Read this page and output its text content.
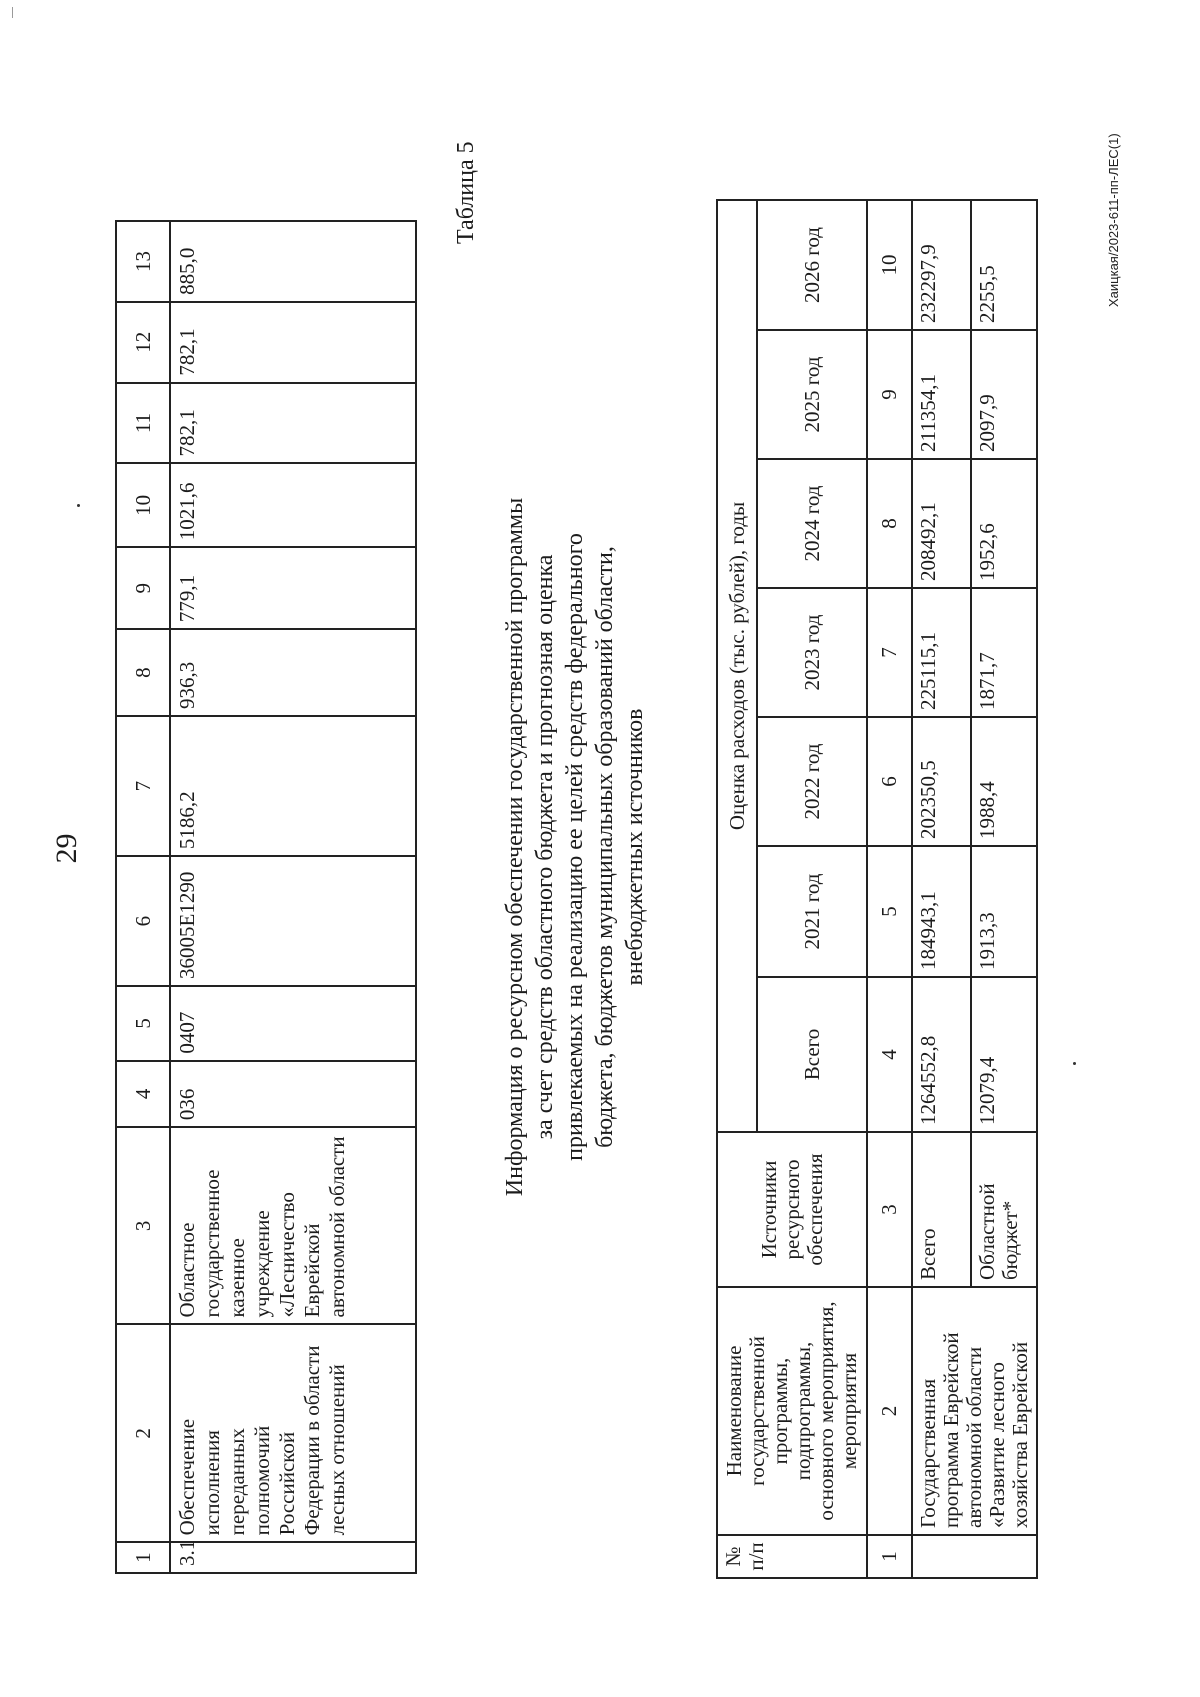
29
1	2	3	4	5	6	7	8	9	10	11	12	13
3.1	Обеспечение исполнения переданных полномочий Российской Федерации в области лесных отношений	Областное государственное казенное учреждение «Лесничество Еврейской автономной области	036	0407	36005Е1290	5186,2	936,3	779,1	1021,6	782,1	782,1	885,0
Таблица 5
Информация о ресурсном обеспечении государственной программы за счет средств областного бюджета и прогнозная оценка привлекаемых на реализацию ее целей средств федерального бюджета, бюджетов муниципальных образований области, внебюджетных источников
№ п/п	Наименование государственной программы, подпрограммы, основного мероприятия, мероприятия	Источники ресурсного обеспечения	Оценка расходов (тыс. рублей), годы						
			Всего	2021 год	2022 год	2023 год	2024 год	2025 год	2026 год
1	2	3	4	5	6	7	8	9	10
	Государственная программа Еврейской автономной области «Развитие лесного хозяйства Еврейской	Всего	1264552,8	184943,1	202350,5	225115,1	208492,1	211354,1	232297,9
		Областной бюджет*	12079,4	1913,3	1988,4	1871,7	1952,6	2097,9	2255,5	Хаицкая/2023-611-пп-ЛЕС(1)
